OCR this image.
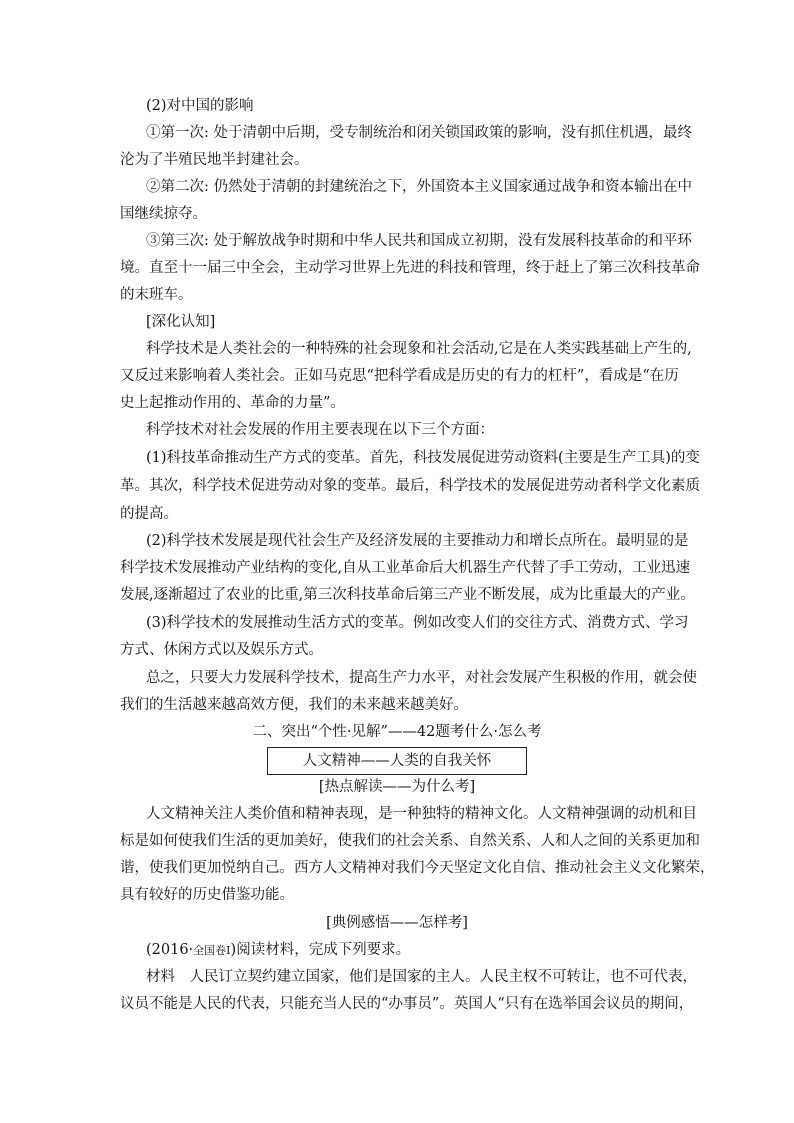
(2)对中国的影响
①第一次: 处于清朝中后期，受专制统治和闭关锁国政策的影响，没有抓住机遇，最终
沦为了半殖民地半封建社会。
②第二次: 仍然处于清朝的封建统治之下，外国资本主义国家通过战争和资本输出在中
国继续掠夺。
③第三次: 处于解放战争时期和中华人民共和国成立初期，没有发展科技革命的和平环
境。直至十一届三中全会，主动学习世界上先进的科技和管理，终于赶上了第三次科技革命
的末班车。
[深化认知]
科学技术是人类社会的一种特殊的社会现象和社会活动,它是在人类实践基础上产生的,
又反过来影响着人类社会。正如马克思“把科学看成是历史的有力的杠杆”，看成是“在历
史上起推动作用的、革命的力量”。
科学技术对社会发展的作用主要表现在以下三个方面：
(1)科技革命推动生产方式的变革。首先，科技发展促进劳动资料(主要是生产工具)的变
革。其次，科学技术促进劳动对象的变革。最后，科学技术的发展促进劳动者科学文化素质
的提高。
(2)科学技术发展是现代社会生产及经济发展的主要推动力和增长点所在。最明显的是
科学技术发展推动产业结构的变化,自从工业革命后大机器生产代替了手工劳动，工业迅速
发展,逐渐超过了农业的比重,第三次科技革命后第三产业不断发展，成为比重最大的产业。
(3)科学技术的发展推动生活方式的变革。例如改变人们的交往方式、消费方式、学习
方式、休闲方式以及娱乐方式。
总之，只要大力发展科学技术，提高生产力水平，对社会发展产生积极的作用，就会使
我们的生活越来越高效方便，我们的未来越来越美好。
二、突出“个性·见解”——42题考什么·怎么考
人文精神——人类的自我关怀
[热点解读——为什么考]
人文精神关注人类价值和精神表现，是一种独特的精神文化。人文精神强调的动机和目
标是如何使我们生活的更加美好，使我们的社会关系、自然关系、人和人之间的关系更加和
谐，使我们更加悦纳自己。西方人文精神对我们今天坚定文化自信、推动社会主义文化繁荣，
具有较好的历史借鉴功能。
[典例感悟——怎样考]
(2016·全国卷Ⅰ)阅读材料，完成下列要求。
材料　人民订立契约建立国家，他们是国家的主人。人民主权不可转让，也不可代表，
议员不能是人民的代表，只能充当人民的“办事员”。英国人“只有在选举国会议员的期间，
